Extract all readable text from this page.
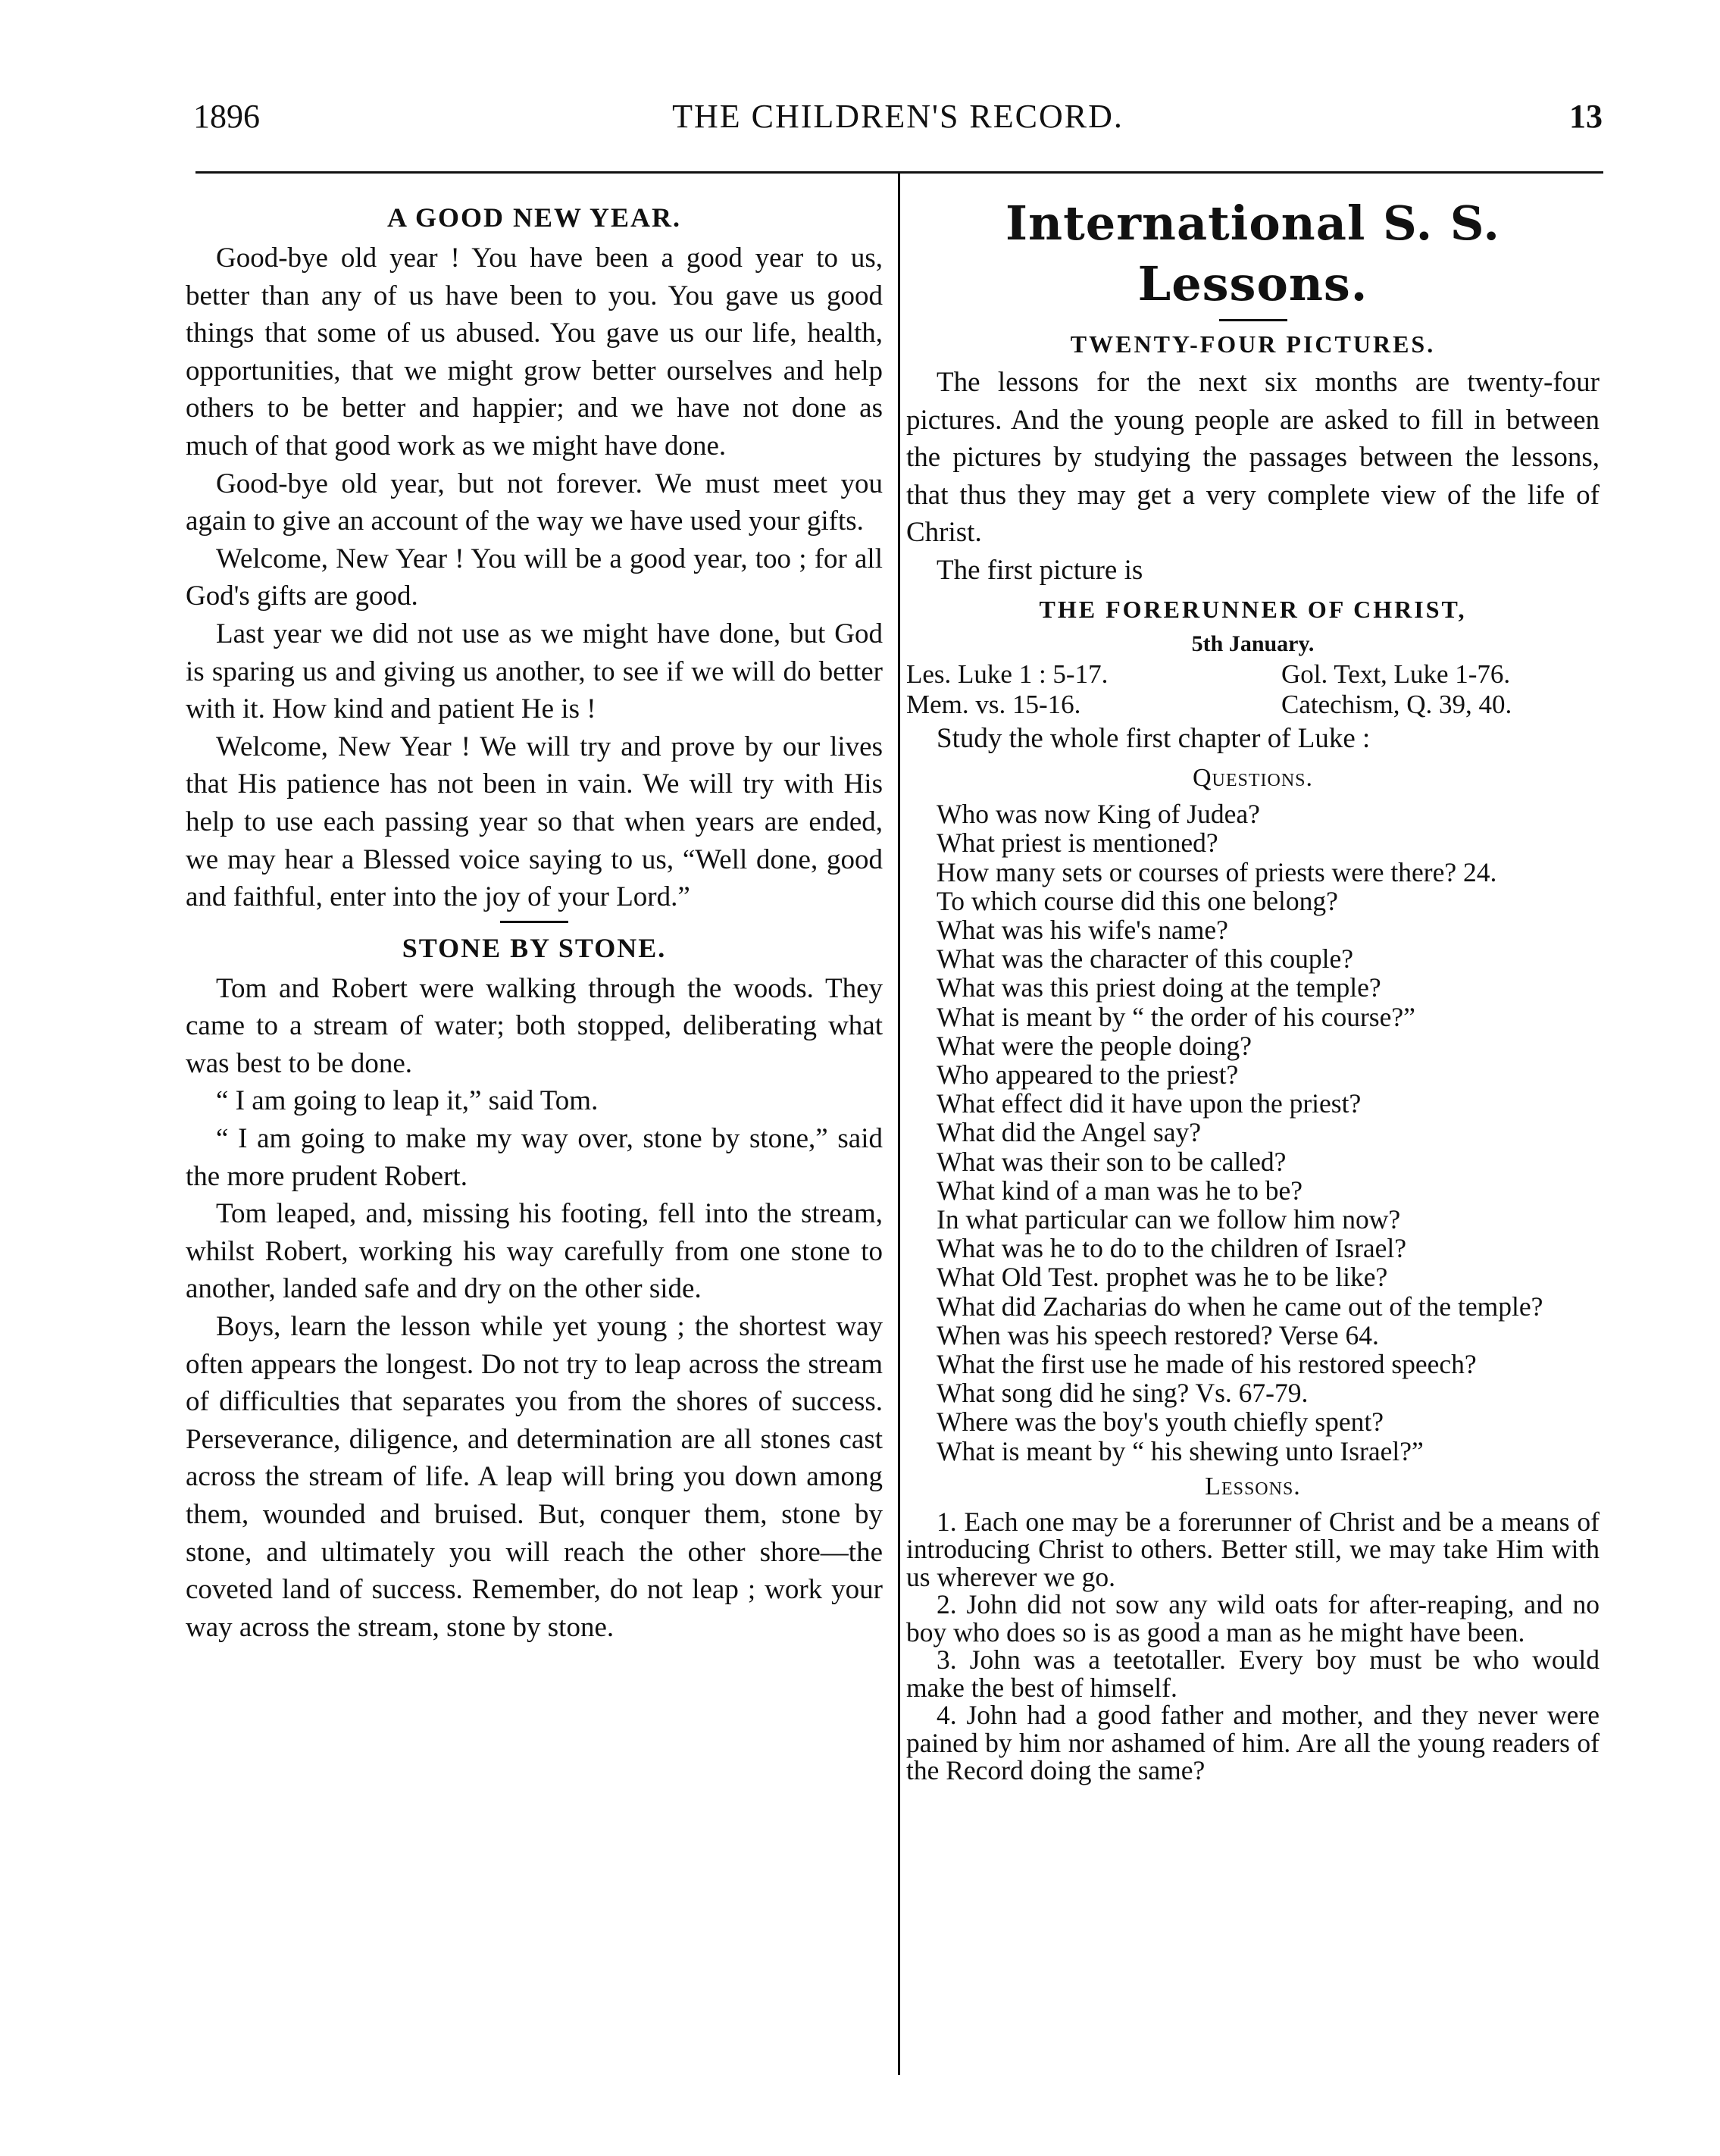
1896	THE CHILDREN'S RECORD.	13
A GOOD NEW YEAR.

Good-bye old year ! You have been a good year to us, better than any of us have been to you. You gave us good things that some of us abused. You gave us our life, health, opportunities, that we might grow better ourselves and help others to be better and happier; and we have not done as much of that good work as we might have done.

Good-bye old year, but not forever. We must meet you again to give an account of the way we have used your gifts.

Welcome, New Year ! You will be a good year, too ; for all God's gifts are good.

Last year we did not use as we might have done, but God is sparing us and giving us another, to see if we will do better with it. How kind and patient He is !

Welcome, New Year ! We will try and prove by our lives that His patience has not been in vain. We will try with His help to use each passing year so that when years are ended, we may hear a Blessed voice saying to us, “Well done, good and faithful, enter into the joy of your Lord.”

STONE BY STONE.

Tom and Robert were walking through the woods. They came to a stream of water; both stopped, deliberating what was best to be done.

“ I am going to leap it,” said Tom.

“ I am going to make my way over, stone by stone,” said the more prudent Robert.

Tom leaped, and, missing his footing, fell into the stream, whilst Robert, working his way carefully from one stone to another, landed safe and dry on the other side.

Boys, learn the lesson while yet young ; the shortest way often appears the longest. Do not try to leap across the stream of difficulties that separates you from the shores of success. Perseverance, diligence, and determination are all stones cast across the stream of life. A leap will bring you down among them, wounded and bruised. But, conquer them, stone by stone, and ultimately you will reach the other shore—the coveted land of success. Remember, do not leap ; work your way across the stream, stone by stone.

International S. S. Lessons.
TWENTY-FOUR PICTURES.

The lessons for the next six months are twenty-four pictures. And the young people are asked to fill in between the pictures by studying the passages between the lessons, that thus they may get a very complete view of the life of Christ.

The first picture is

THE FORERUNNER OF CHRIST,
5th January.
Les. Luke 1 : 5-17.	Gol. Text, Luke 1-76.
Mem. vs. 15-16.	Catechism, Q. 39, 40.

Study the whole first chapter of Luke :

Questions.
Who was now King of Judea?
What priest is mentioned?
How many sets or courses of priests were there? 24.
To which course did this one belong?
What was his wife's name?
What was the character of this couple?
What was this priest doing at the temple?
What is meant by “ the order of his course?”
What were the people doing?
Who appeared to the priest?
What effect did it have upon the priest?
What did the Angel say?
What was their son to be called?
What kind of a man was he to be?
In what particular can we follow him now?
What was he to do to the children of Israel?
What Old Test. prophet was he to be like?
What did Zacharias do when he came out of the temple?
When was his speech restored? Verse 64.
What the first use he made of his restored speech?
What song did he sing? Vs. 67-79.
Where was the boy's youth chiefly spent?
What is meant by “ his shewing unto Israel?”
Lessons.
1. Each one may be a forerunner of Christ and be a means of introducing Christ to others. Better still, we may take Him with us wherever we go.
2. John did not sow any wild oats for after-reaping, and no boy who does so is as good a man as he might have been.
3. John was a teetotaller. Every boy must be who would make the best of himself.
4. John had a good father and mother, and they never were pained by him nor ashamed of him. Are all the young readers of the Record doing the same?
